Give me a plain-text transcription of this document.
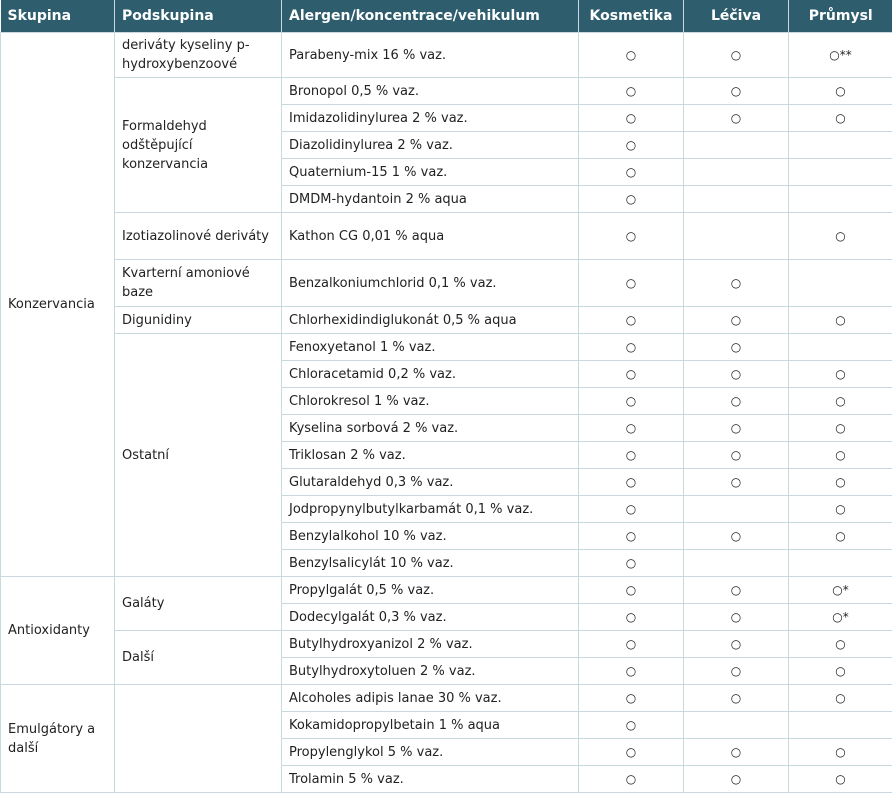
Skupina	Podskupina	Alergen/koncentrace/vehikulum	Kosmetika	Léčiva	Průmysl
Konzervancia	deriváty kyseliny p-hydroxybenzoové	Parabeny-mix 16 % vaz.	○	○	○**
	Formaldehyd odštěpující konzervancia	Bronopol 0,5 % vaz.	○	○	○
		Imidazolidinylurea 2 % vaz.	○	○	○
		Diazolidinylurea 2 % vaz.	○		
		Quaternium-15 1 % vaz.	○		
		DMDM-hydantoin 2 % aqua	○		
	Izotiazolinové deriváty	Kathon CG 0,01 % aqua	○		○
	Kvarterní amoniové baze	Benzalkoniumchlorid 0,1 % vaz.	○	○	
	Digunidiny	Chlorhexidindiglukonát 0,5 % aqua	○	○	○
	Ostatní	Fenoxyetanol 1 % vaz.	○	○	
		Chloracetamid 0,2 % vaz.	○	○	○
		Chlorokresol 1 % vaz.	○	○	○
		Kyselina sorbová 2 % vaz.	○	○	○
		Triklosan 2 % vaz.	○	○	○
		Glutaraldehyd 0,3 % vaz.	○	○	○
		Jodpropynylbutylkarbamát 0,1 % vaz.	○		○
		Benzylalkohol 10 % vaz.	○	○	○
		Benzylsalicylát 10 % vaz.	○		
Antioxidanty	Galáty	Propylgalát 0,5 % vaz.	○	○	○*
		Dodecylgalát 0,3 % vaz.	○	○	○*
	Další	Butylhydroxyanizol 2 % vaz.	○	○	○
		Butylhydroxytoluen 2 % vaz.	○	○	○
Emulgátory a další		Alcoholes adipis lanae 30 % vaz.	○	○	○
		Kokamidopropylbetain 1 % aqua	○		
		Propylenglykol 5 % vaz.	○	○	○
		Trolamin 5 % vaz.	○	○	○
